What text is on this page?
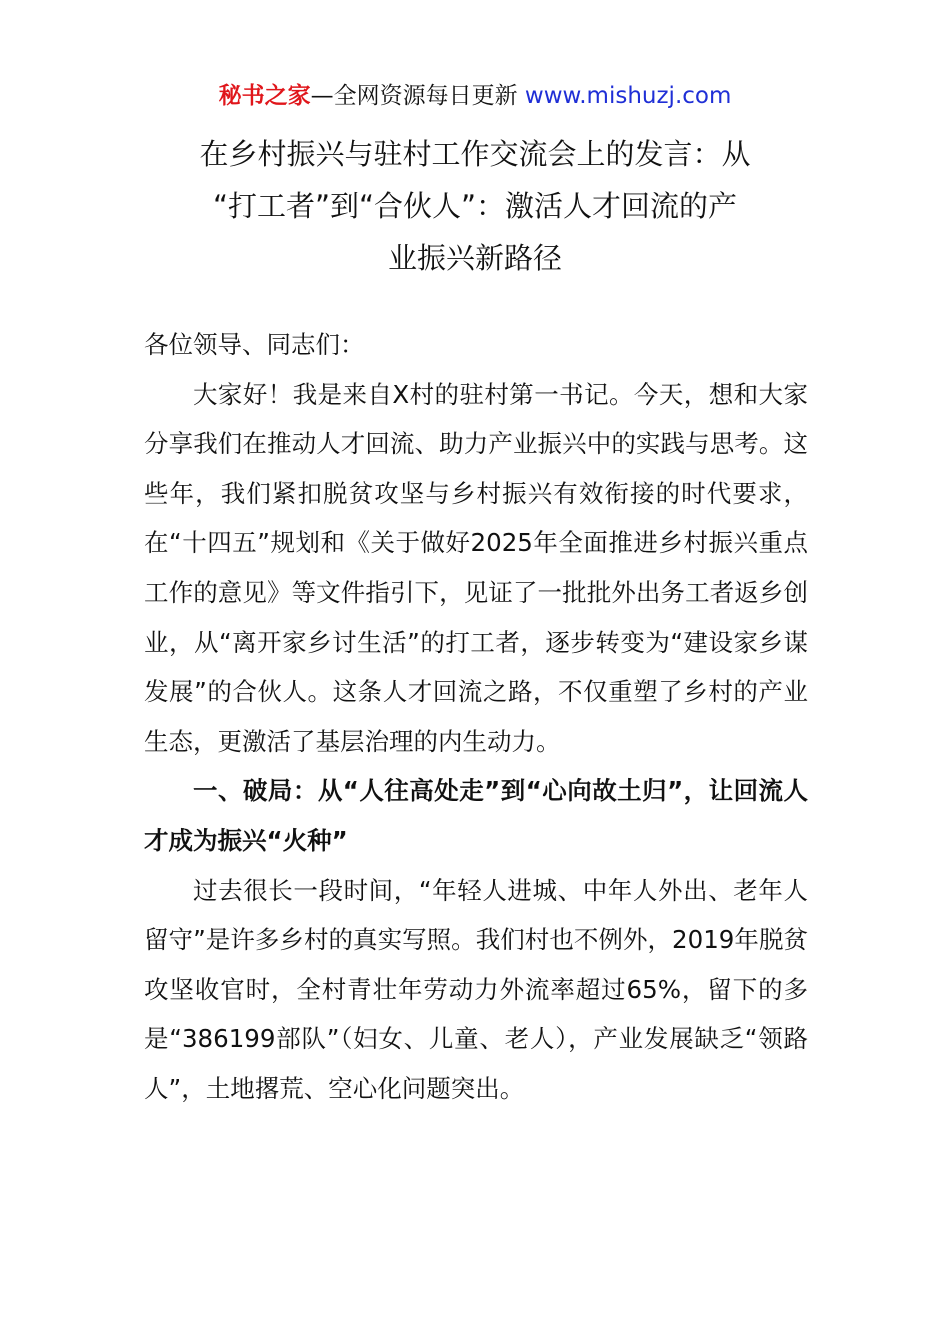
秘书之家—全网资源每日更新 www.mishuzj.com
在乡村振兴与驻村工作交流会上的发言：从
“打工者”到“合伙人”：激活人才回流的产
业振兴新路径

各位领导、同志们：

大家好！我是来自X村的驻村第一书记。今天，想和大家分享我们在推动人才回流、助力产业振兴中的实践与思考。这些年，我们紧扣脱贫攻坚与乡村振兴有效衔接的时代要求，在“十四五”规划和《关于做好2025年全面推进乡村振兴重点工作的意见》等文件指引下，见证了一批批外出务工者返乡创业，从“离开家乡讨生活”的打工者，逐步转变为“建设家乡谋发展”的合伙人。这条人才回流之路，不仅重塑了乡村的产业生态，更激活了基层治理的内生动力。

一、破局：从“人往高处走”到“心向故土归”，让回流人才成为振兴“火种”

过去很长一段时间，“年轻人进城、中年人外出、老年人留守”是许多乡村的真实写照。我们村也不例外，2019年脱贫攻坚收官时，全村青壮年劳动力外流率超过65%，留下的多是“386199部队”（妇女、儿童、老人），产业发展缺乏“领路人”，土地撂荒、空心化问题突出。
